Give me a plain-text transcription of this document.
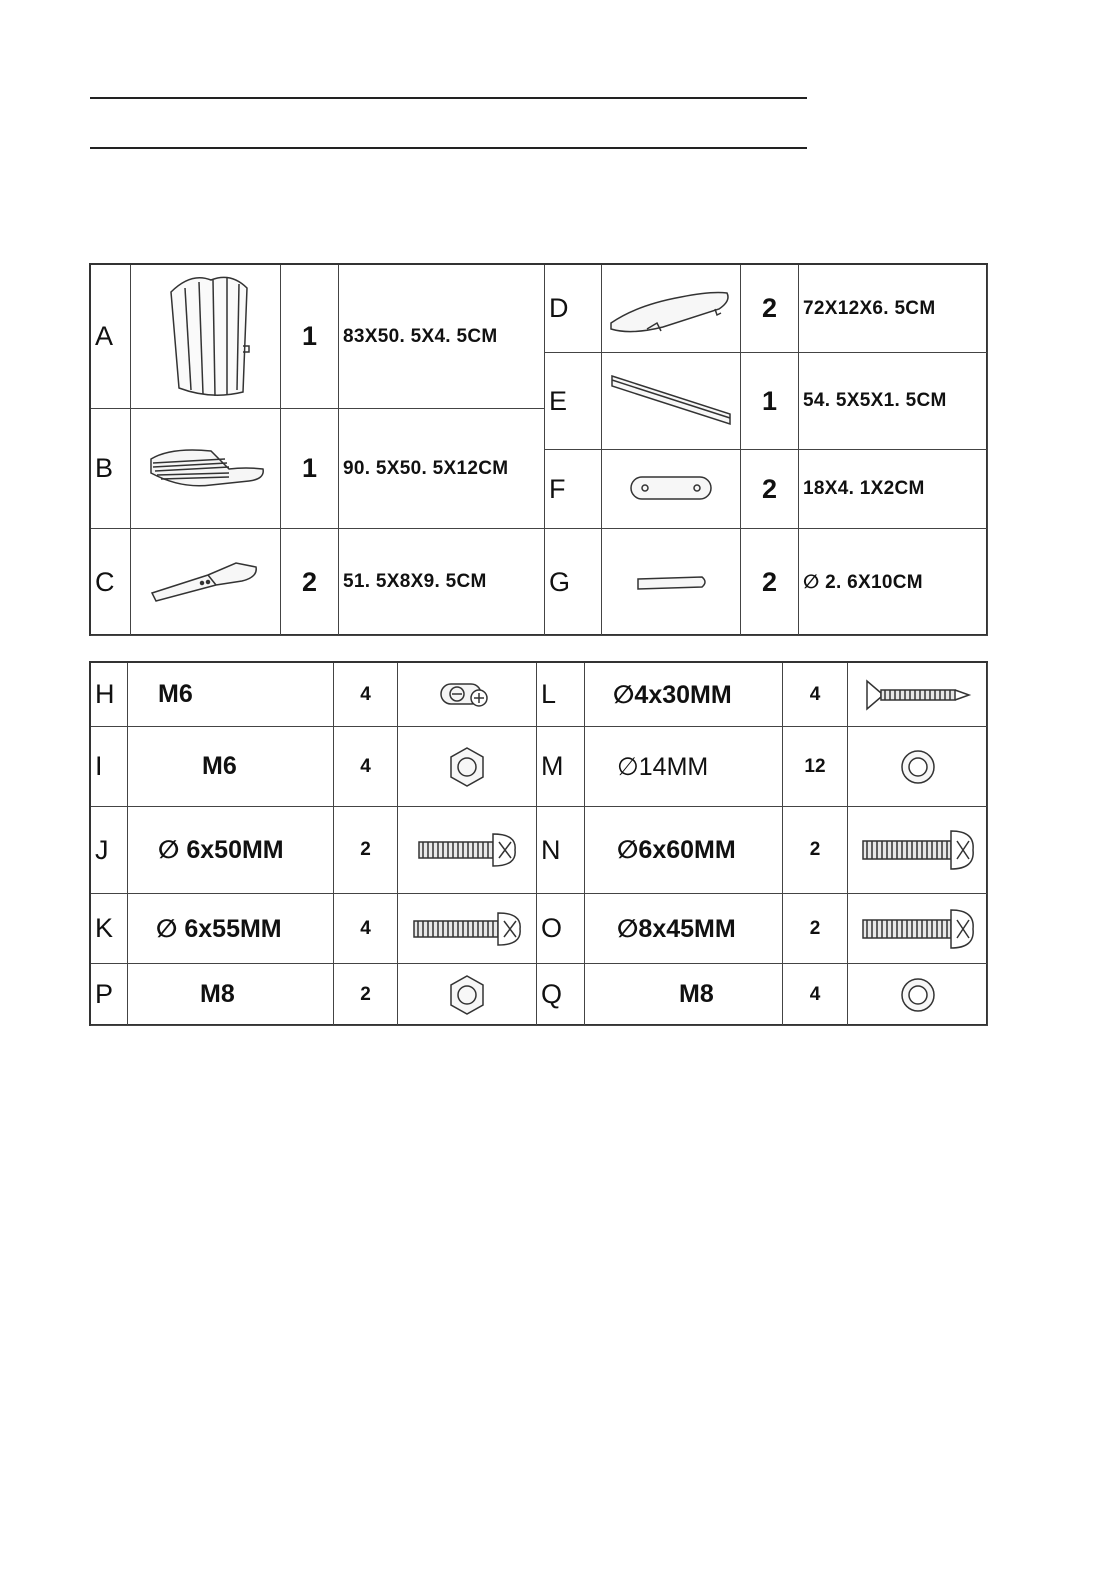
A	1 83X50. 5X4. 5CM
B	1 90. 5X50. 5X12CM
C	2 51. 5X8X9. 5CM
D	2 72X12X6. 5CM
E	1 54. 5X5X1. 5CM
F	2 18X4. 1X2CM
G	2 ∅ 2. 6X10CM
H M6	4
I	M6	4
J ∅ 6x50MM	2
K ∅ 6x55MM	4
P	M8	2
L ∅4x30MM	4
M ∅14MM	12
N ∅6x60MM	2
O ∅8x45MM	2
Q	M8	4
